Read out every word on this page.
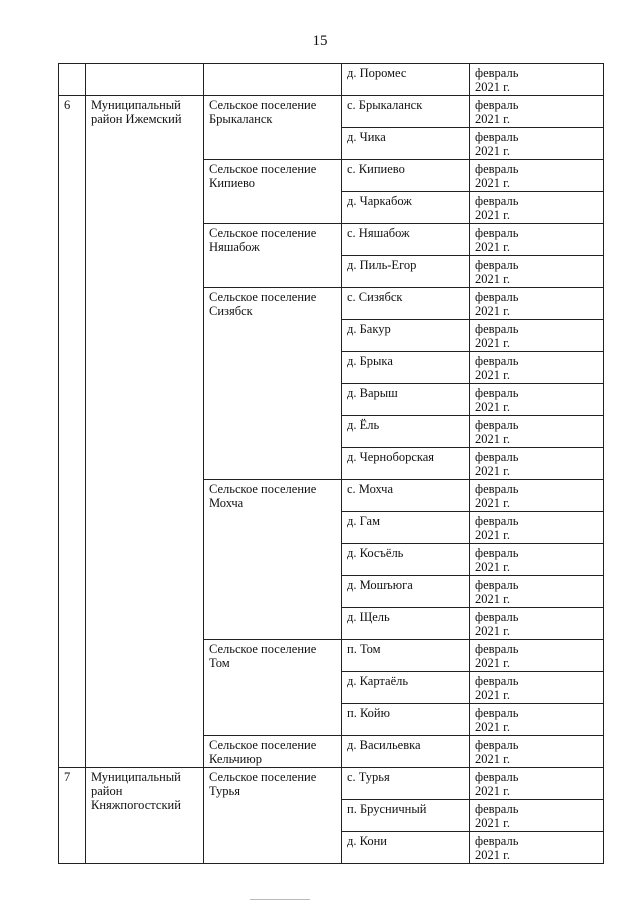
15
			д. Поромес	февраль
2021 г.
6	Муниципальный район Ижемский	Сельское поселение Брыкаланск	с. Брыкаланск	февраль
2021 г.
			д. Чика	февраль
2021 г.
		Сельское поселение Кипиево	с. Кипиево	февраль
2021 г.
			д. Чаркабож	февраль
2021 г.
		Сельское поселение Няшабож	с. Няшабож	февраль
2021 г.
			д. Пиль-Егор	февраль
2021 г.
		Сельское поселение Сизябск	с. Сизябск	февраль
2021 г.
			д. Бакур	февраль
2021 г.
			д. Брыка	февраль
2021 г.
			д. Варыш	февраль
2021 г.
			д. Ёль	февраль
2021 г.
			д. Черноборская	февраль
2021 г.
		Сельское поселение Мохча	с. Мохча	февраль
2021 г.
			д. Гам	февраль
2021 г.
			д. Косъёль	февраль
2021 г.
			д. Мошъюга	февраль
2021 г.
			д. Щель	февраль
2021 г.
		Сельское поселение Том	п. Том	февраль
2021 г.
			д. Картаёль	февраль
2021 г.
			п. Койю	февраль
2021 г.
		Сельское поселение Кельчиюр	д. Васильевка	февраль
2021 г.
7	Муниципальный район Княжпогостский	Сельское поселение Турья	с. Турья	февраль
2021 г.
			п. Брусничный	февраль
2021 г.
			д. Кони	февраль
2021 г.
